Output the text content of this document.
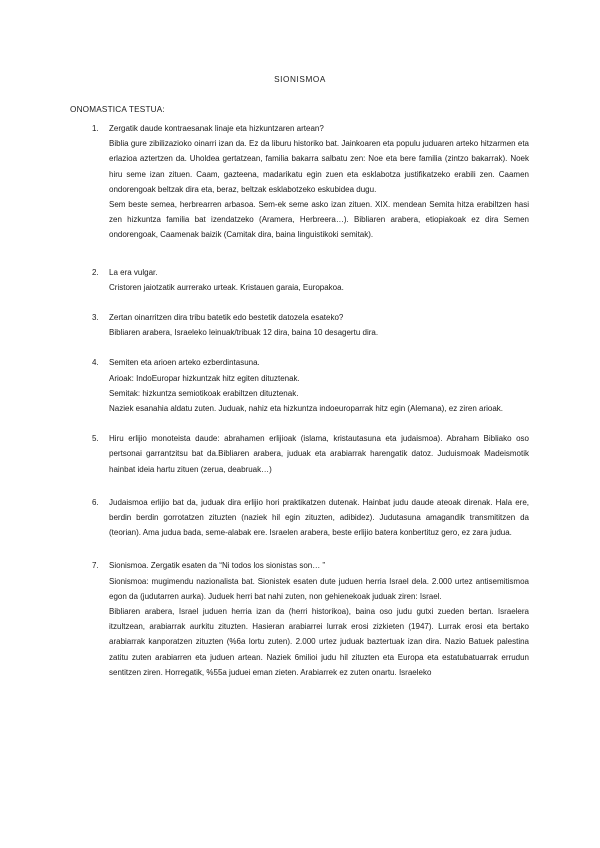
SIONISMOA
ONOMASTICA TESTUA:
1. Zergatik daude kontraesanak linaje eta hizkuntzaren artean?
Biblia gure zibilizazioko oinarri izan da. Ez da liburu historiko bat. Jainkoaren eta populu juduaren arteko hitzarmen eta erlazioa aztertzen da. Uholdea gertatzean, familia bakarra salbatu zen: Noe eta bere familia (zintzo bakarrak). Noek hiru seme izan zituen. Caam, gazteena, madarikatu egin zuen eta esklabotza justifikatzeko erabili zen. Caamen ondorengoak beltzak dira eta, beraz, beltzak esklabotzeko eskubidea dugu.
Sem beste semea, herbrearren arbasoa. Sem-ek seme asko izan zituen. XIX. mendean Semita hitza erabiltzen hasi zen hizkuntza familia bat izendatzeko (Aramera, Herbreera…). Bibliaren arabera, etiopiakoak ez dira Semen ondorengoak, Caamenak baizik (Camitak dira, baina linguistikoki semitak).
2. La era vulgar.
Cristoren jaiotzatik aurrerako urteak. Kristauen garaia, Europakoa.
3. Zertan oinarritzen dira tribu batetik edo bestetik datozela esateko?
Bibliaren arabera, Israeleko leinuak/tribuak 12 dira, baina 10 desagertu dira.
4. Semiten eta arioen arteko ezberdintasuna.
Arioak: IndoEuropar hizkuntzak hitz egiten dituztenak.
Semitak: hizkuntza semiotikoak erabiltzen dituztenak.
Naziek esanahia aldatu zuten. Juduak, nahiz eta hizkuntza indoeuroparrak hitz egin (Alemana), ez ziren arioak.
5. Hiru erlijio monoteista daude: abrahamen erlijioak (islama, kristautasuna eta judaismoa). Abraham Bibliako oso pertsonai garrantzitsu bat da.Bibliaren arabera, juduak eta arabiarrak harengatik datoz. Juduismoak Madeismotik hainbat ideia hartu zituen (zerua, deabruak…)
6. Judaismoa erlijio bat da, juduak dira erlijio hori praktikatzen dutenak. Hainbat judu daude ateoak direnak. Hala ere, berdin berdin gorrotatzen zituzten (naziek hil egin zituzten, adibidez). Judutasuna amagandik transmititzen da (teorian). Ama judua bada, seme-alabak ere. Israelen arabera, beste erlijio batera konbertituz gero, ez zara judua.
7. Sionismoa. Zergatik esaten da “Ni todos los sionistas son… ”
Sionismoa: mugimendu nazionalista bat. Sionistek esaten dute juduen herria Israel dela. 2.000 urtez antisemitismoa egon da (judutarren aurka). Juduek herri bat nahi zuten, non gehienekoak juduak ziren: Israel.
Bibliaren arabera, Israel juduen herria izan da (herri historikoa), baina oso judu gutxi zueden bertan. Israelera itzultzean, arabiarrak aurkitu zituzten. Hasieran arabiarrei lurrak erosi zizkieten (1947). Lurrak erosi eta bertako arabiarrak kanporatzen zituzten (%6a lortu zuten). 2.000 urtez juduak baztertuak izan dira. Nazio Batuek palestina zatitu zuten arabiarren eta juduen artean. Naziek 6milioi judu hil zituzten eta Europa eta estatubatuarrak errudun sentitzen ziren. Horregatik, %55a juduei eman zieten. Arabiarrek ez zuten onartu. Israeleko
